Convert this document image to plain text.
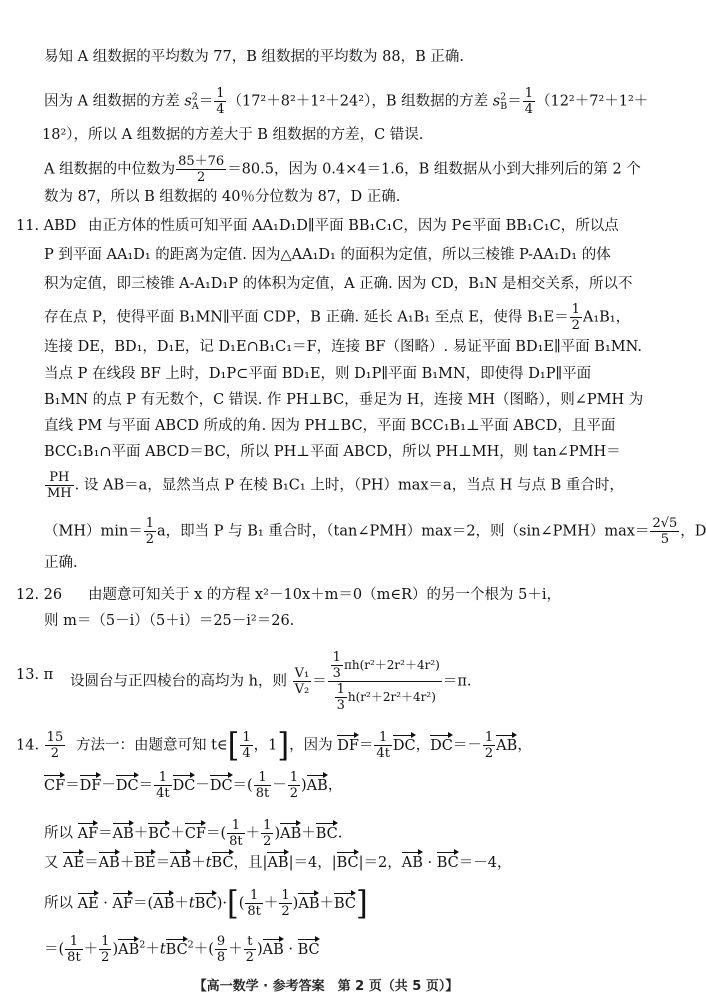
易知 A 组数据的平均数为 77，B 组数据的平均数为 88，B 正确.
因为 A 组数据的方差 $s^2_A= \frac{1}{4} (17^2+8^2+1^2+24^2)$，B 组数据的方差 $s^2_B= \frac{1}{4} (12^2+7^2+1^2+$
18²），所以 A 组数据的方差大于 B 组数据的方差，C 错误.
A 组数据的中位数为 $\frac{85+76}{2} =80.5$，因为 0.4×4＝1.6，B 组数据从小到大排列后的第 2 个
数为 87，所以 B 组数据的 40％分位数为 87，D 正确.
11. ABD 由正方体的性质可知平面 AA₁D₁D∥平面 BB₁C₁C，因为 P∈平面 BB₁C₁C，所以点
P 到平面 AA₁D₁ 的距离为定值. 因为△AA₁D₁ 的面积为定值，所以三棱锥 P-AA₁D₁ 的体
积为定值，即三棱锥 A-A₁D₁P 的体积为定值，A 正确. 因为 CD，B₁N 是相交关系，所以不
存在点 P，使得平面 B₁MN∥平面 CDP，B 正确. 延长 A₁B₁ 至点 E，使得 $B_1E= \frac{1}{2} A_1B_1$，
连接 DE，BD₁，D₁E，记 D₁E∩B₁C₁＝F，连接 BF（图略）. 易证平面 BD₁E∥平面 B₁MN.
当点 P 在线段 BF 上时，D₁P⊂平面 BD₁E，则 D₁P∥平面 B₁MN，即使得 D₁P∥平面
B₁MN 的点 P 有无数个，C 错误. 作 PH⊥BC，垂足为 H，连接 MH（图略），则∠PMH 为
直线 PM 与平面 ABCD 所成的角. 因为 PH⊥BC，平面 BCC₁B₁⊥平面 ABCD，且平面
BCC₁B₁∩平面 ABCD＝BC，所以 PH⊥平面 ABCD，所以 PH⊥MH，则 tan∠PMH＝
$\frac{PH}{MH}$ . 设 AB＝a，显然当点 P 在棱 B₁C₁ 上时，（PH）max＝a，当点 H 与点 B 重合时，
$(MH)\min= \frac{1}{2}$ a，即当 P 与 B₁ 重合时，（tan∠PMH）max＝2，则（sin∠PMH）max＝ $\frac{2√5}{5}$ ，D
正确.
12. 26 由题意可知关于 x 的方程 x²－10x＋m＝0（m∈R）的另一个根为 5＋i，
则 m＝（5－i）（5＋i）＝25－i²＝26.
13. π 设圆台与正四棱台的高均为 h，则 $\frac{\text{V₁}}{\text{V₂}} = \frac{\frac{1}{3} \pi h(r^2+2r^2+4r^2)}{\frac{1}{3} h(r^2+2r^2+4r^2)} =\pi$.
14. $\frac{15}{2}$ 方法一：由题意可知 t∈[ $\frac{1}{4}$ ，1]，因为 $DF= \frac{1}{4t}$ DC，$DC=- \frac{1}{2}$ AB，
$CF=DF-DC= \frac{1}{4t} DC-DC=( \frac{1}{8t} - \frac{1}{2} )AB$，
所以 $AF=AB+BC+CF=( \frac{1}{8t} + \frac{1}{2} )AB+BC$.
又 AE＝AB＋BE＝AB＋tBC，且|AB|＝4，|BC|＝2，AB · BC＝－4，
所以 AE · $AF=(AB+tBC)\cdot[( \frac{1}{8t} + \frac{1}{2} )AB+BC]$
＝( $\frac{1}{8t} + \frac{1}{2} )AB^2+tBC^2+( \frac{9}{8} + \frac{t}{2} )AB$ · BC
【高一数学 · 参考答案　第 2 页（共 5 页）】
